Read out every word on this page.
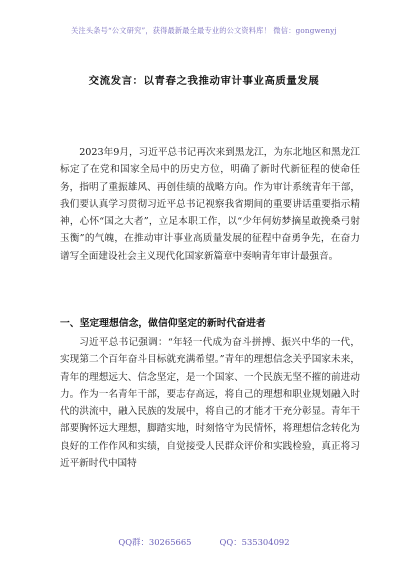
关注头条号“公文研究”，获得最新最全最专业的公文资料库！ 微信：gongwenyj
交流发言：以青春之我推动审计事业高质量发展

2023年9月，习近平总书记再次来到黑龙江，为东北地区和黑龙江标定了在党和国家全局中的历史方位，明确了新时代新征程的使命任务，指明了重振雄风、再创佳绩的战略方向。作为审计系统青年干部，我们要认真学习贯彻习近平总书记视察我省期间的重要讲话重要指示精神，心怀“国之大者”，立足本职工作，以“少年何妨梦摘星敢挽桑弓射玉衡”的气魄，在推动审计事业高质量发展的征程中奋勇争先，在奋力谱写全面建设社会主义现代化国家新篇章中奏响青年审计最强音。

一、坚定理想信念，做信仰坚定的新时代奋进者

习近平总书记强调：“年轻一代成为奋斗拼搏、振兴中华的一代，实现第二个百年奋斗目标就充满希望。”青年的理想信念关乎国家未来，青年的理想远大、信念坚定，是一个国家、一个民族无坚不摧的前进动力。作为一名青年干部，要志存高远，将自己的理想和职业规划融入时代的洪流中，融入民族的发展中，将自己的才能才干充分彰显。青年干部要胸怀远大理想，脚踏实地，时刻恪守为民情怀，将理想信念转化为良好的工作作风和实绩，自觉接受人民群众评价和实践检验，真正将习近平新时代中国特

QQ群：30265665	QQ：535304092
